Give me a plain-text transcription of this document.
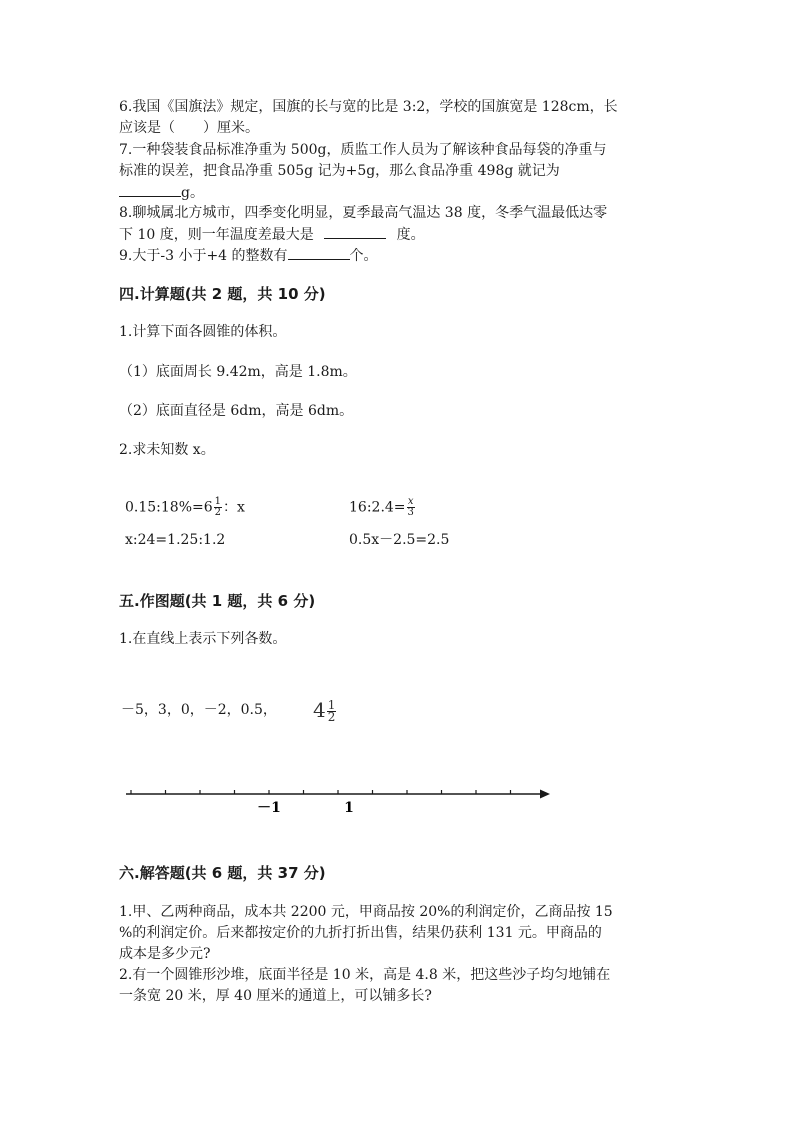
6.我国《国旗法》规定，国旗的长与宽的比是 3:2，学校的国旗宽是 128cm，长
应该是（　　）厘米。
7.一种袋装食品标准净重为 500g，质监工作人员为了解该种食品每袋的净重与
标准的误差，把食品净重 505g 记为+5g，那么食品净重 498g 就记为
g。
8.聊城属北方城市，四季变化明显，夏季最高气温达 38 度，冬季气温最低达零
下 10 度，则一年温度差最大是	度。
9.大于-3 小于+4 的整数有	个。
四.计算题(共 2 题，共 10 分)
1.计算下面各圆锥的体积。
（1）底面周长 9.42m，高是 1.8m。
（2）底面直径是 6dm，高是 6dm。
2.求未知数 x。
0.15:18%=6 $\frac{1}{2}$ ：x	16:2.4= $\frac{x}{3}$
x:24=1.25:1.2	0.5x－2.5=2.5
五.作图题(共 1 题，共 6 分)
1.在直线上表示下列各数。
－5，3，0，－2，0.5， $4 \frac{1}{2}$
－1	1
六.解答题(共 6 题，共 37 分)
1.甲、乙两种商品，成本共 2200 元，甲商品按 20%的利润定价，乙商品按 15
%的利润定价。后来都按定价的九折打折出售，结果仍获利 131 元。甲商品的
成本是多少元?
2.有一个圆锥形沙堆，底面半径是 10 米，高是 4.8 米，把这些沙子均匀地铺在
一条宽 20 米，厚 40 厘米的通道上，可以铺多长?
